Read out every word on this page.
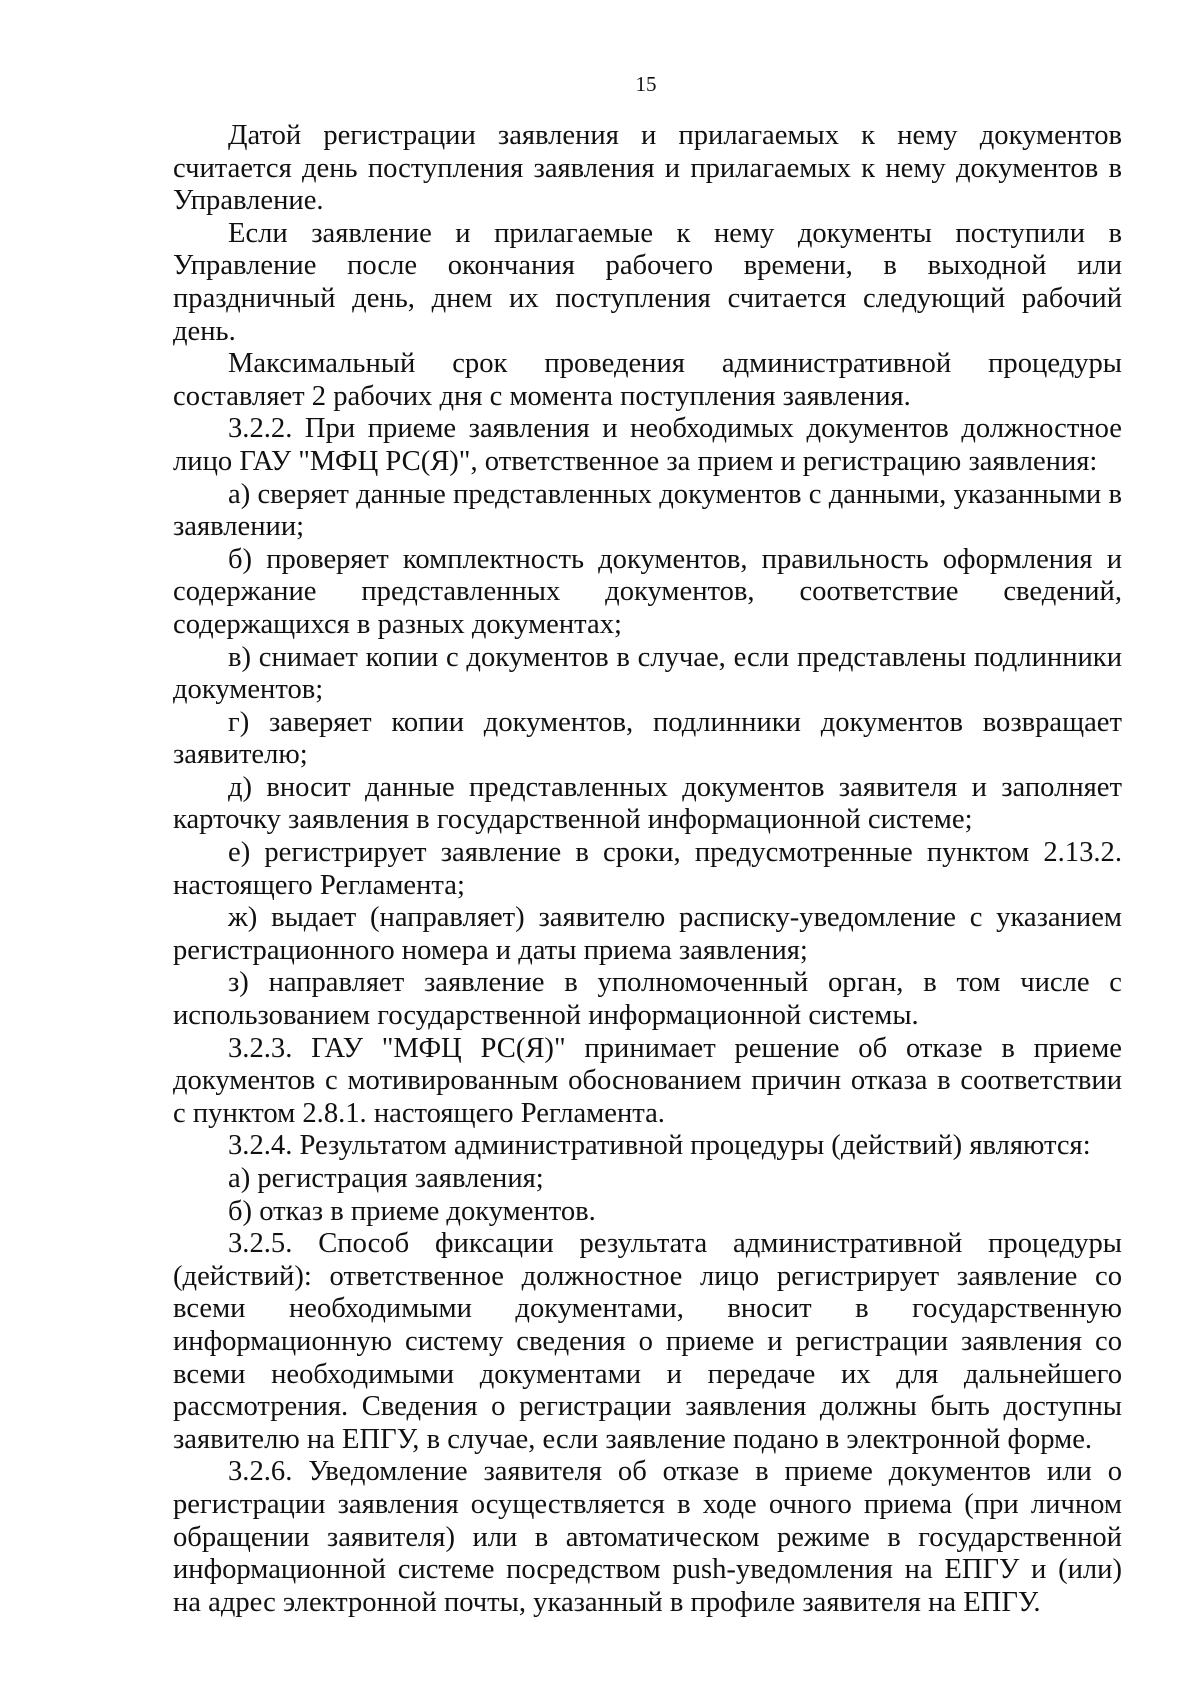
15

Датой регистрации заявления и прилагаемых к нему документов считается день поступления заявления и прилагаемых к нему документов в Управление.

Если заявление и прилагаемые к нему документы поступили в Управление после окончания рабочего времени, в выходной или праздничный день, днем их поступления считается следующий рабочий день.

Максимальный срок проведения административной процедуры составляет 2 рабочих дня с момента поступления заявления.

3.2.2. При приеме заявления и необходимых документов должностное лицо ГАУ "МФЦ РС(Я)", ответственное за прием и регистрацию заявления:

а) сверяет данные представленных документов с данными, указанными в заявлении;

б) проверяет комплектность документов, правильность оформления и содержание представленных документов, соответствие сведений, содержащихся в разных документах;

в) снимает копии с документов в случае, если представлены подлинники документов;

г) заверяет копии документов, подлинники документов возвращает заявителю;

д) вносит данные представленных документов заявителя и заполняет карточку заявления в государственной информационной системе;

е) регистрирует заявление в сроки, предусмотренные пунктом 2.13.2. настоящего Регламента;

ж) выдает (направляет) заявителю расписку-уведомление с указанием регистрационного номера и даты приема заявления;

з) направляет заявление в уполномоченный орган, в том числе с использованием государственной информационной системы.

3.2.3. ГАУ "МФЦ РС(Я)" принимает решение об отказе в приеме документов с мотивированным обоснованием причин отказа в соответствии с пунктом 2.8.1. настоящего Регламента.

3.2.4. Результатом административной процедуры (действий) являются:

а) регистрация заявления;

б) отказ в приеме документов.

3.2.5. Способ фиксации результата административной процедуры (действий): ответственное должностное лицо регистрирует заявление со всеми необходимыми документами, вносит в государственную информационную систему сведения о приеме и регистрации заявления со всеми необходимыми документами и передаче их для дальнейшего рассмотрения. Сведения о регистрации заявления должны быть доступны заявителю на ЕПГУ, в случае, если заявление подано в электронной форме.

3.2.6. Уведомление заявителя об отказе в приеме документов или о регистрации заявления осуществляется в ходе очного приема (при личном обращении заявителя) или в автоматическом режиме в государственной информационной системе посредством push-уведомления на ЕПГУ и (или) на адрес электронной почты, указанный в профиле заявителя на ЕПГУ.
